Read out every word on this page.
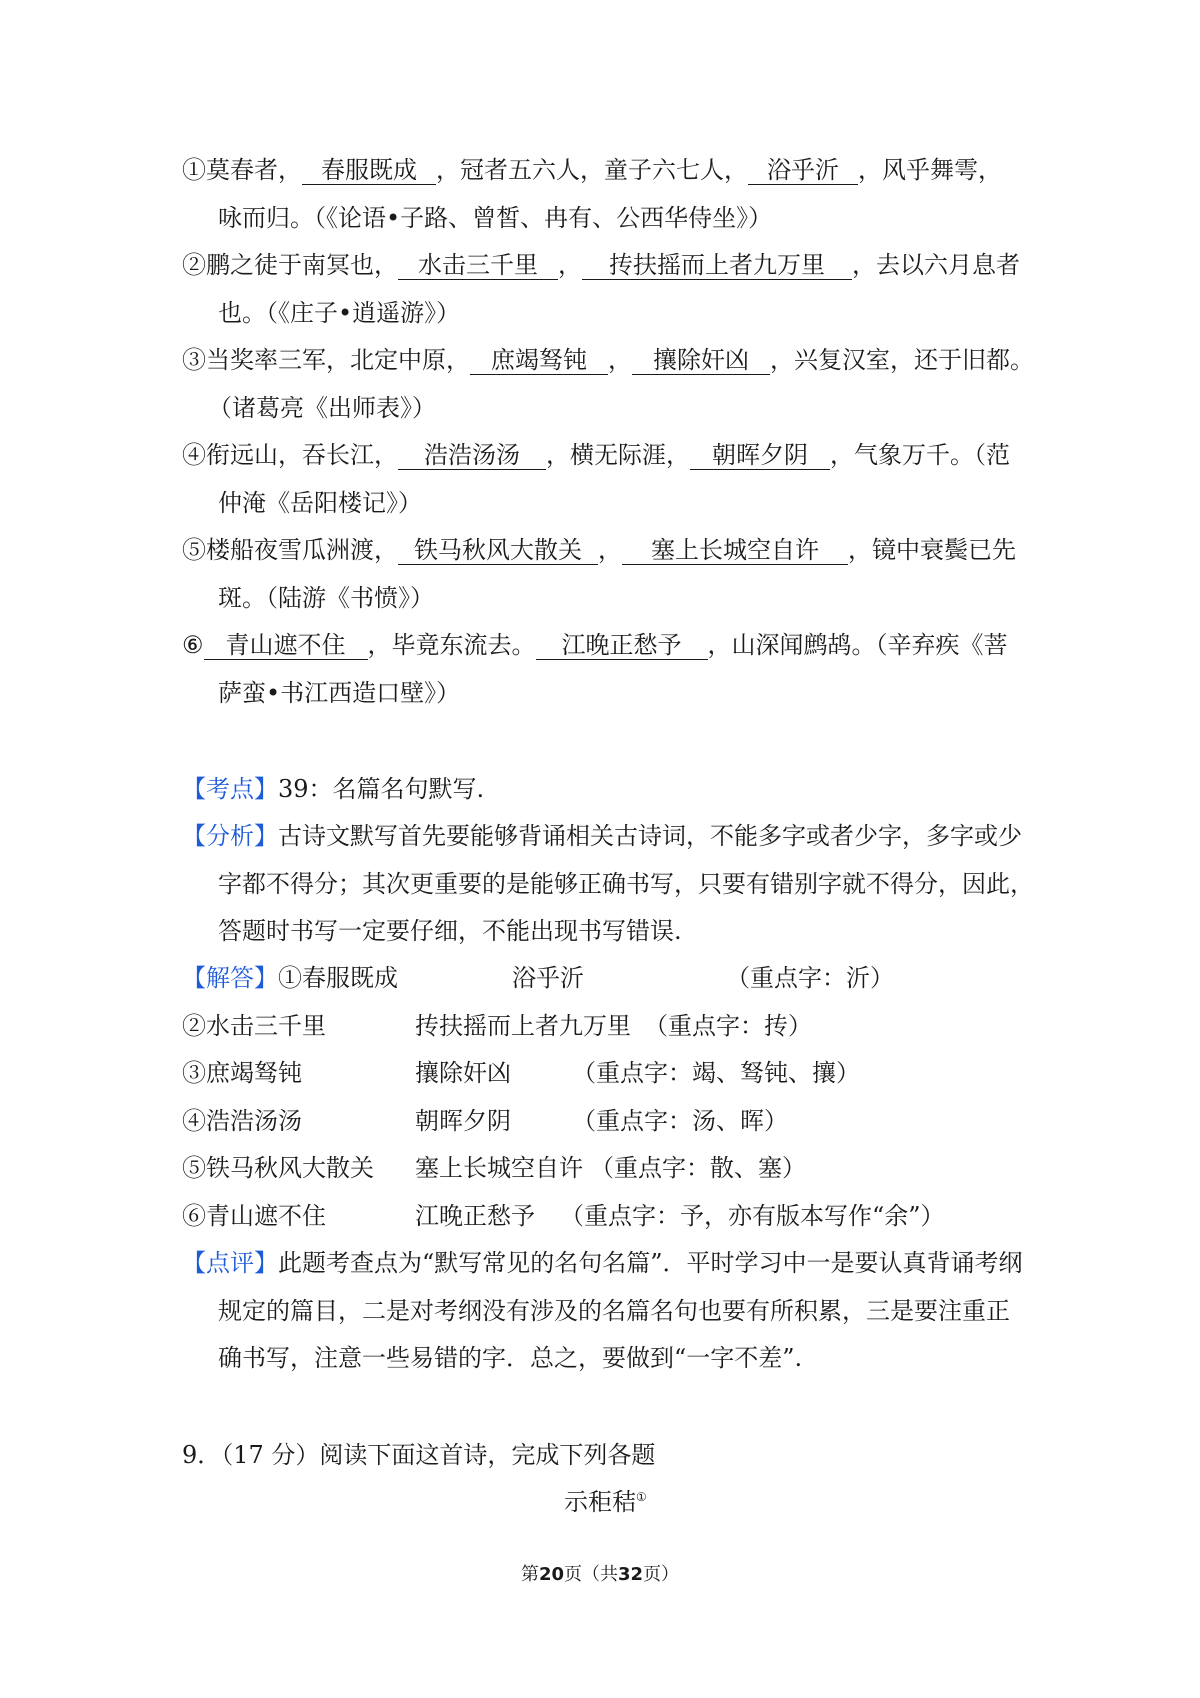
①莫春者， 春服既成 ，冠者五六人，童子六七人， 浴乎沂 ，风乎舞雩，
咏而归。（《论语•子路、曾皙、冉有、公西华侍坐》）
②鹏之徒于南冥也， 水击三千里 ， 抟扶摇而上者九万里 ，去以六月息者
也。（《庄子•逍遥游》）
③当奖率三军，北定中原， 庶竭驽钝 ， 攘除奸凶 ，兴复汉室，还于旧都。
（诸葛亮《出师表》）
④衔远山，吞长江， 浩浩汤汤 ，横无际涯， 朝晖夕阴 ，气象万千。（范
仲淹《岳阳楼记》）
⑤楼船夜雪瓜洲渡， 铁马秋风大散关 ， 塞上长城空自许 ，镜中衰鬓已先
斑。（陆游《书愤》）
⑥ 青山遮不住 ，毕竟东流去。 江晚正愁予 ，山深闻鹧鸪。（辛弃疾《菩
萨蛮•书江西造口壁》）
【考点】39：名篇名句默写.
【分析】古诗文默写首先要能够背诵相关古诗词，不能多字或者少字，多字或少
字都不得分；其次更重要的是能够正确书写，只要有错别字就不得分，因此，
答题时书写一定要仔细，不能出现书写错误.
【解答】 ①春服既成	浴乎沂	（重点字：沂）
②水击三千里	抟扶摇而上者九万里 （重点字：抟）
③庶竭驽钝	攘除奸凶	（重点字：竭、驽钝、攘）
④浩浩汤汤	朝晖夕阴	（重点字：汤、晖）
⑤铁马秋风大散关 塞上长城空自许 （重点字：散、塞）
⑥青山遮不住	江晚正愁予 （重点字：予，亦有版本写作“余”）
【点评】此题考查点为“默写常见的名句名篇”．平时学习中一是要认真背诵考纲
规定的篇目，二是对考纲没有涉及的名篇名句也要有所积累，三是要注重正
确书写，注意一些易错的字．总之，要做到“一字不差”.
9．（17 分）阅读下面这首诗，完成下列各题
示秬秸①
第20页（共32页）
